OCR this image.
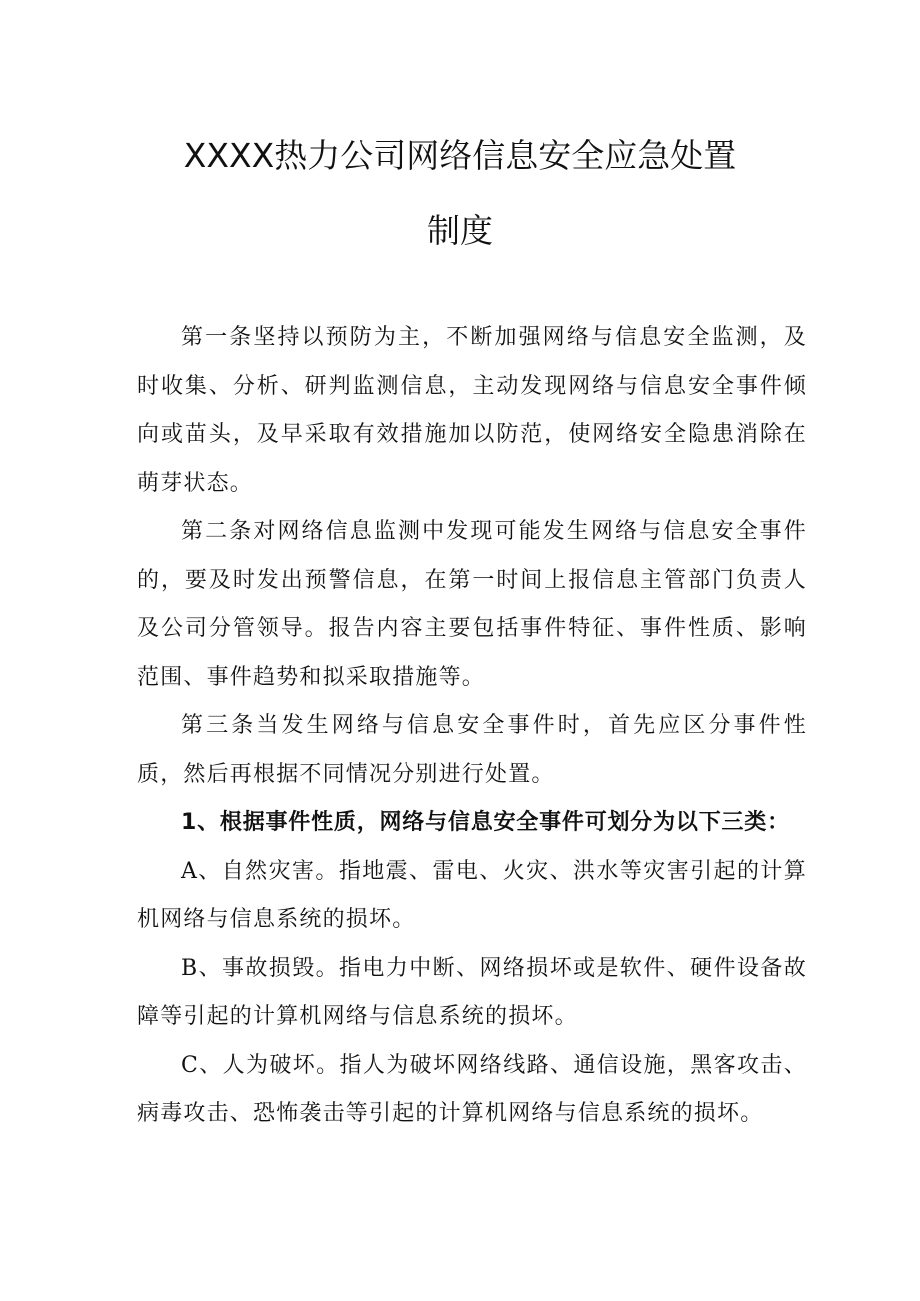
XXXX热力公司网络信息安全应急处置
制度

第一条坚持以预防为主，不断加强网络与信息安全监测，及时收集、分析、研判监测信息，主动发现网络与信息安全事件倾向或苗头，及早采取有效措施加以防范，使网络安全隐患消除在萌芽状态。

第二条对网络信息监测中发现可能发生网络与信息安全事件的，要及时发出预警信息，在第一时间上报信息主管部门负责人及公司分管领导。报告内容主要包括事件特征、事件性质、影响范围、事件趋势和拟采取措施等。

第三条当发生网络与信息安全事件时，首先应区分事件性质，然后再根据不同情况分别进行处置。

1、根据事件性质，网络与信息安全事件可划分为以下三类：

A、自然灾害。指地震、雷电、火灾、洪水等灾害引起的计算机网络与信息系统的损坏。

B、事故损毁。指电力中断、网络损坏或是软件、硬件设备故障等引起的计算机网络与信息系统的损坏。

C、人为破坏。指人为破坏网络线路、通信设施，黑客攻击、病毒攻击、恐怖袭击等引起的计算机网络与信息系统的损坏。
